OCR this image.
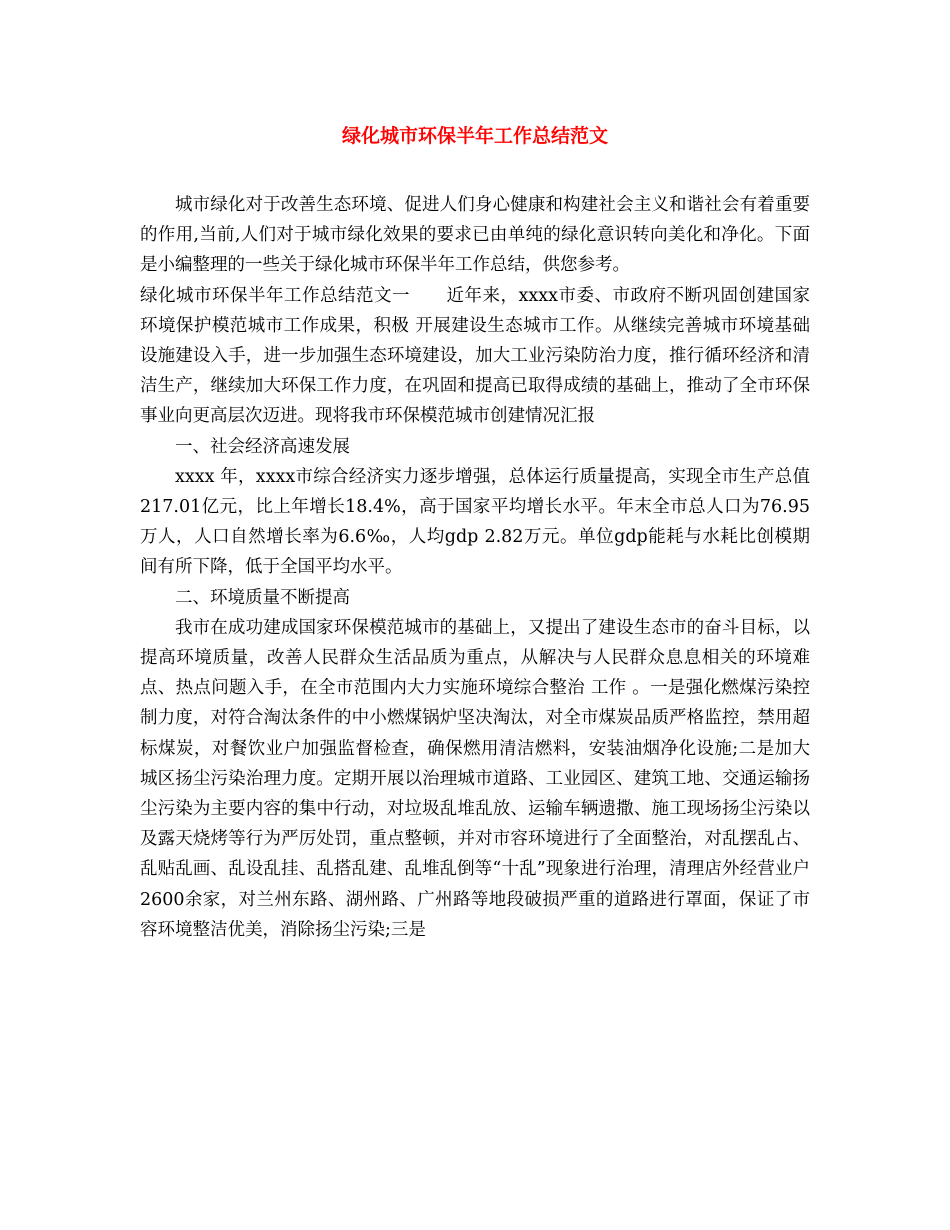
绿化城市环保半年工作总结范文

城市绿化对于改善生态环境、促进人们身心健康和构建社会主义和谐社会有着重要的作用,当前,人们对于城市绿化效果的要求已由单纯的绿化意识转向美化和净化。下面是小编整理的一些关于绿化城市环保半年工作总结，供您参考。

绿化城市环保半年工作总结范文一 近年来，xxxx市委、市政府不断巩固创建国家环境保护模范城市工作成果，积极 开展建设生态城市工作。从继续完善城市环境基础设施建设入手，进一步加强生态环境建设，加大工业污染防治力度，推行循环经济和清洁生产，继续加大环保工作力度，在巩固和提高已取得成绩的基础上，推动了全市环保事业向更高层次迈进。现将我市环保模范城市创建情况汇报

一、社会经济高速发展

xxxx 年，xxxx市综合经济实力逐步增强，总体运行质量提高，实现全市生产总值217.01亿元，比上年增长18.4%，高于国家平均增长水平。年末全市总人口为76.95万人，人口自然增长率为6.6‰，人均gdp 2.82万元。单位gdp能耗与水耗比创模期间有所下降，低于全国平均水平。

二、环境质量不断提高

我市在成功建成国家环保模范城市的基础上，又提出了建设生态市的奋斗目标，以提高环境质量，改善人民群众生活品质为重点，从解决与人民群众息息相关的环境难点、热点问题入手，在全市范围内大力实施环境综合整治 工作 。一是强化燃煤污染控制力度，对符合淘汰条件的中小燃煤锅炉坚决淘汰，对全市煤炭品质严格监控，禁用超标煤炭，对餐饮业户加强监督检查，确保燃用清洁燃料，安装油烟净化设施;二是加大城区扬尘污染治理力度。定期开展以治理城市道路、工业园区、建筑工地、交通运输扬尘污染为主要内容的集中行动，对垃圾乱堆乱放、运输车辆遗撒、施工现场扬尘污染以及露天烧烤等行为严厉处罚，重点整顿，并对市容环境进行了全面整治，对乱摆乱占、乱贴乱画、乱设乱挂、乱搭乱建、乱堆乱倒等“十乱”现象进行治理，清理店外经营业户2600余家，对兰州东路、湖州路、广州路等地段破损严重的道路进行罩面，保证了市容环境整洁优美，消除扬尘污染;三是
